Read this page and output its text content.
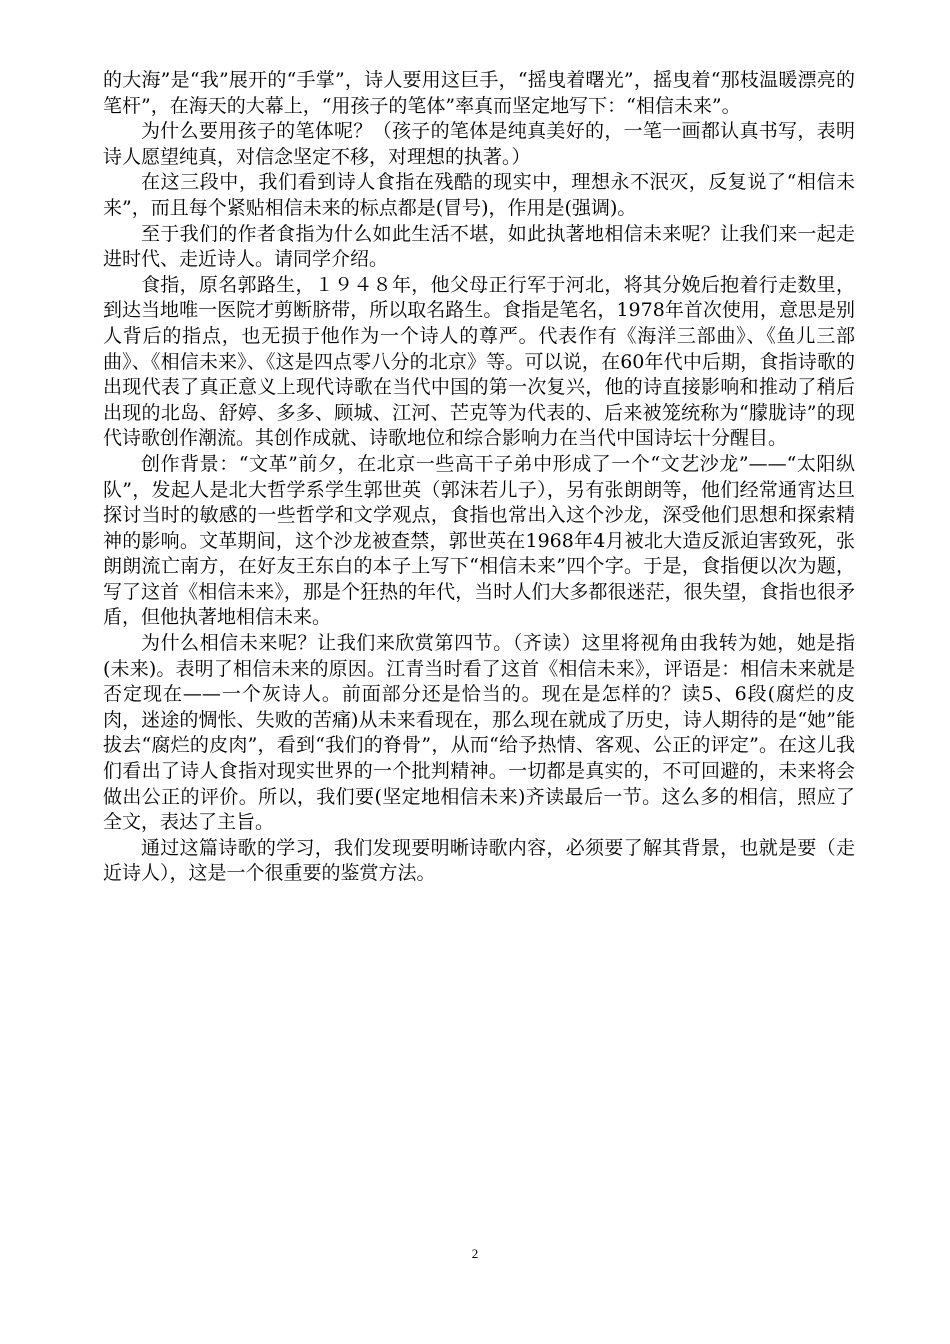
的大海”是“我”展开的“手掌”，诗人要用这巨手，“摇曳着曙光”，摇曳着“那枝温暖漂亮的笔杆”，在海天的大幕上，“用孩子的笔体”率真而坚定地写下：“相信未来”。

为什么要用孩子的笔体呢？（孩子的笔体是纯真美好的，一笔一画都认真书写，表明诗人愿望纯真，对信念坚定不移，对理想的执著。）

在这三段中，我们看到诗人食指在残酷的现实中，理想永不泯灭，反复说了“相信未来”，而且每个紧贴相信未来的标点都是(冒号)，作用是(强调)。

至于我们的作者食指为什么如此生活不堪，如此执著地相信未来呢？让我们来一起走进时代、走近诗人。请同学介绍。

食指，原名郭路生，１９４８年，他父母正行军于河北，将其分娩后抱着行走数里，到达当地唯一医院才剪断脐带，所以取名路生。食指是笔名，1978年首次使用，意思是别人背后的指点，也无损于他作为一个诗人的尊严。代表作有《海洋三部曲》、《鱼儿三部曲》、《相信未来》、《这是四点零八分的北京》等。可以说，在60年代中后期，食指诗歌的出现代表了真正意义上现代诗歌在当代中国的第一次复兴，他的诗直接影响和推动了稍后出现的北岛、舒婷、多多、顾城、江河、芒克等为代表的、后来被笼统称为“朦胧诗”的现代诗歌创作潮流。其创作成就、诗歌地位和综合影响力在当代中国诗坛十分醒目。

创作背景：“文革”前夕，在北京一些高干子弟中形成了一个“文艺沙龙”——“太阳纵队”，发起人是北大哲学系学生郭世英（郭沫若儿子），另有张朗朗等，他们经常通宵达旦探讨当时的敏感的一些哲学和文学观点，食指也常出入这个沙龙，深受他们思想和探索精神的影响。文革期间，这个沙龙被查禁，郭世英在1968年4月被北大造反派迫害致死，张朗朗流亡南方，在好友王东白的本子上写下“相信未来”四个字。于是，食指便以次为题，写了这首《相信未来》，那是个狂热的年代，当时人们大多都很迷茫，很失望，食指也很矛盾，但他执著地相信未来。

为什么相信未来呢？让我们来欣赏第四节。（齐读）这里将视角由我转为她，她是指(未来)。表明了相信未来的原因。江青当时看了这首《相信未来》，评语是：相信未来就是否定现在——一个灰诗人。前面部分还是恰当的。现在是怎样的？读5、6段(腐烂的皮肉，迷途的惆怅、失败的苦痛)从未来看现在，那么现在就成了历史，诗人期待的是“她”能拔去“腐烂的皮肉”，看到“我们的脊骨”，从而“给予热情、客观、公正的评定”。在这儿我们看出了诗人食指对现实世界的一个批判精神。一切都是真实的，不可回避的，未来将会做出公正的评价。所以，我们要(坚定地相信未来)齐读最后一节。这么多的相信，照应了全文，表达了主旨。

通过这篇诗歌的学习，我们发现要明晰诗歌内容，必须要了解其背景，也就是要（走近诗人），这是一个很重要的鉴赏方法。

2
